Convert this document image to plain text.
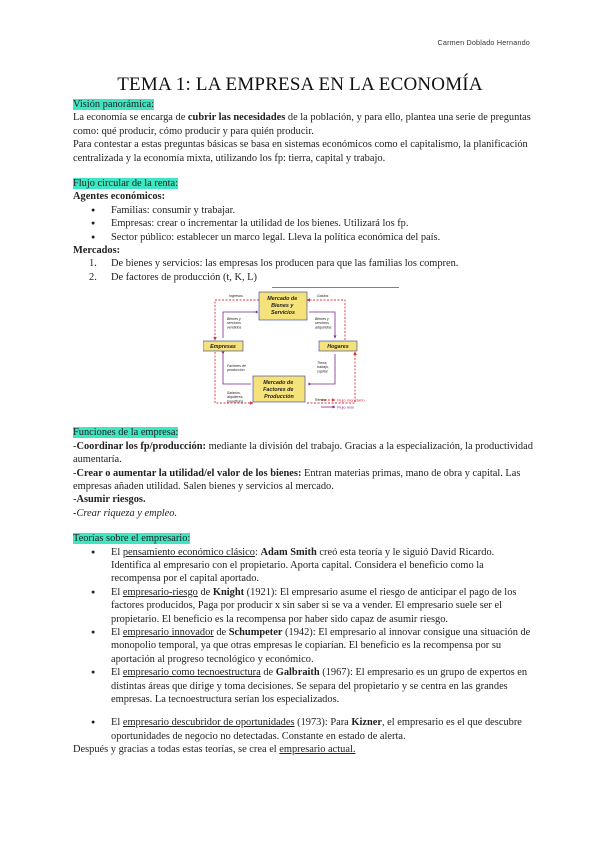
Carmen Doblado Hernando
TEMA 1: LA EMPRESA EN LA ECONOMÍA

Visión panorámica:

La economía se encarga de cubrir las necesidades de la población, y para ello, plantea una serie de preguntas como: qué producir, cómo producir y para quién producir.

Para contestar a estas preguntas básicas se basa en sistemas económicos como el capitalismo, la planificación centralizada y la economía mixta, utilizando los fp: tierra, capital y trabajo.

Flujo circular de la renta:

Agentes económicos:

● Familias: consumir y trabajar.
● Empresas: crear o incrementar la utilidad de los bienes. Utilizará los fp.
● Sector público: establecer un marco legal. Lleva la política económica del país.

Mercados:

1. De bienes y servicios: las empresas los producen para que las familias los compren.
2. De factores de producción (t, K, L)

Funciones de la empresa:

-Coordinar los fp/producción: mediante la división del trabajo. Gracias a la especialización, la productividad aumentaría.

-Crear o aumentar la utilidad/el valor de los bienes: Entran materias primas, mano de obra y capital. Las empresas añaden utilidad. Salen bienes y servicios al mercado.

-Asumir riesgos.

-Crear riqueza y empleo.

Teorías sobre el empresario:

● El pensamiento económico clásico: Adam Smith creó esta teoría y le siguió David Ricardo. Identifica al empresario con el propietario. Aporta capital. Considera el beneficio como la recompensa por el capital aportado.
● El empresario-riesgo de Knight (1921): El empresario asume el riesgo de anticipar el pago de los factores producidos, Paga por producir x sin saber si se va a vender. El empresario suele ser el propietario. El beneficio es la recompensa por haber sido capaz de asumir riesgo.
● El empresario innovador de Schumpeter (1942): El empresario al innovar consigue una situación de monopolio temporal, ya que otras empresas le copiarían. El beneficio es la recompensa por su aportación al progreso tecnológico y económico.
● El empresario como tecnoestructura de Galbraith (1967): El empresario es un grupo de expertos en distintas áreas que dirige y toma decisiones. Se separa del propietario y se centra en las grandes empresas. La tecnoestructura serían los especializados.
● El empresario descubridor de oportunidades (1973): Para Kizner, el empresario es el que descubre oportunidades de negocio no detectadas. Constante en estado de alerta.

Después y gracias a todas estas teorías, se crea el empresario actual.

Mercado de Bienes y Servicios
Mercado de Factores de Producción
Empresas	Hogares
Ingresos	Gastos
Bienes y servicios vendidos
Bienes y servicios adquiridos
Factores de producción
Tierra, trabajo, capital
Salarios, alquileres, beneficios	Rentas	Flujo monetario
Flujo real
